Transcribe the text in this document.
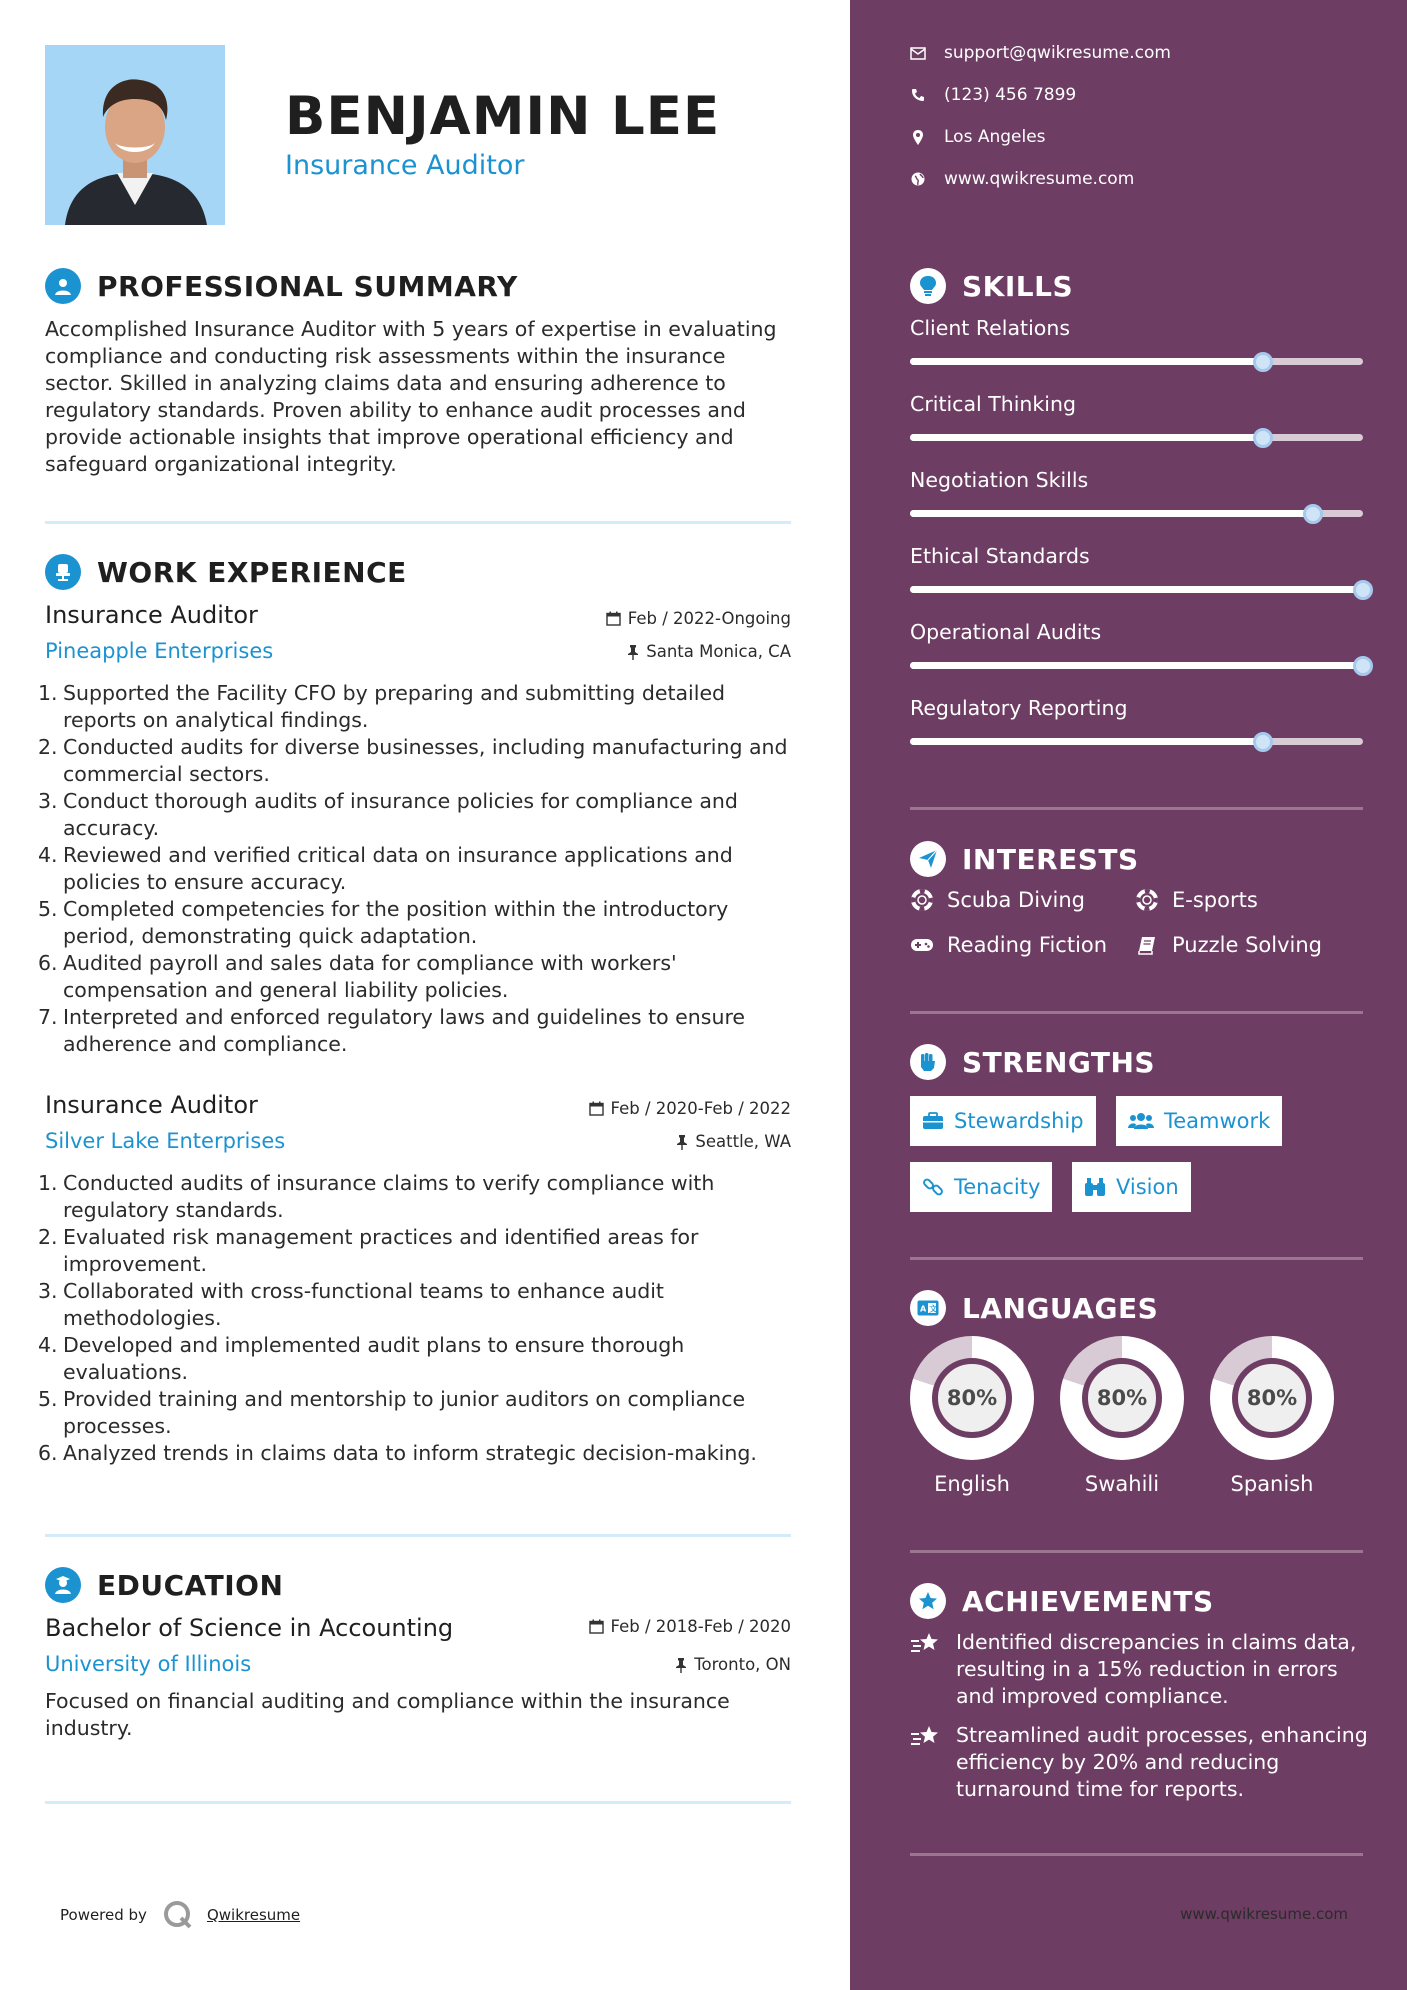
BENJAMIN LEE
Insurance Auditor
PROFESSIONAL SUMMARY
Accomplished Insurance Auditor with 5 years of expertise in evaluating compliance and conducting risk assessments within the insurance sector. Skilled in analyzing claims data and ensuring adherence to regulatory standards. Proven ability to enhance audit processes and provide actionable insights that improve operational efficiency and safeguard organizational integrity.
WORK EXPERIENCE
Insurance Auditor	Feb / 2022-Ongoing
Pineapple Enterprises	Santa Monica, CA
1. Supported the Facility CFO by preparing and submitting detailed reports on analytical findings.
2. Conducted audits for diverse businesses, including manufacturing and commercial sectors.
3. Conduct thorough audits of insurance policies for compliance and accuracy.
4. Reviewed and verified critical data on insurance applications and policies to ensure accuracy.
5. Completed competencies for the position within the introductory period, demonstrating quick adaptation.
6. Audited payroll and sales data for compliance with workers' compensation and general liability policies.
7. Interpreted and enforced regulatory laws and guidelines to ensure adherence and compliance.
Insurance Auditor	Feb / 2020-Feb / 2022
Silver Lake Enterprises	Seattle, WA
1. Conducted audits of insurance claims to verify compliance with regulatory standards.
2. Evaluated risk management practices and identified areas for improvement.
3. Collaborated with cross-functional teams to enhance audit methodologies.
4. Developed and implemented audit plans to ensure thorough evaluations.
5. Provided training and mentorship to junior auditors on compliance processes.
6. Analyzed trends in claims data to inform strategic decision-making.
EDUCATION
Bachelor of Science in Accounting	Feb / 2018-Feb / 2020
University of Illinois	Toronto, ON
Focused on financial auditing and compliance within the insurance industry.
Powered by	Qwikresume
support@qwikresume.com
(123) 456 7899
Los Angeles
www.qwikresume.com
SKILLS
Client Relations
Critical Thinking
Negotiation Skills
Ethical Standards
Operational Audits
Regulatory Reporting
INTERESTS
Scuba Diving	E-sports
Reading Fiction	Puzzle Solving
STRENGTHS
Stewardship	Teamwork
Tenacity	Vision
A 文 LANGUAGES
80%
English
80%
Swahili
80%
Spanish
ACHIEVEMENTS
Identified discrepancies in claims data, resulting in a 15% reduction in errors and improved compliance.
Streamlined audit processes, enhancing efficiency by 20% and reducing turnaround time for reports.
www.qwikresume.com
